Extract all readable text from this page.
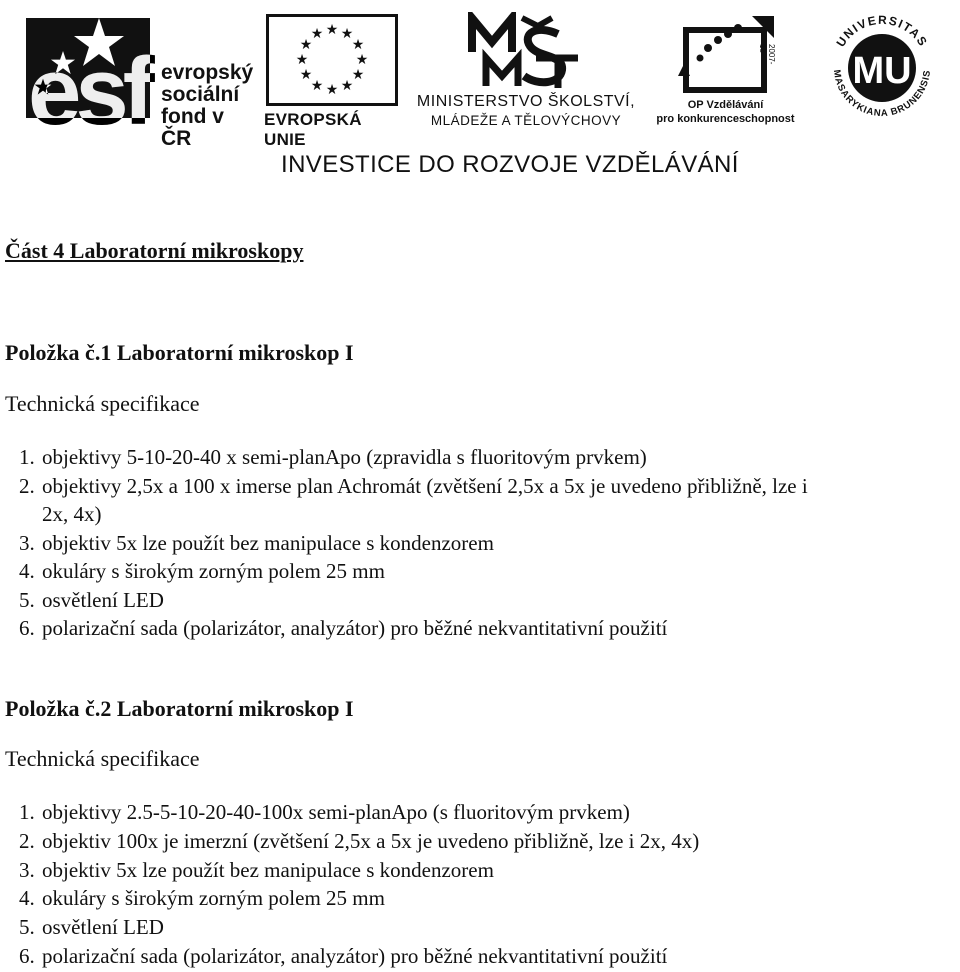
esf evropský
sociální
fond v ČR
★ ★
★
★
★
★
★
★
★
★
★
★
EVROPSKÁ UNIE
MINISTERSTVO ŠKOLSTVÍ,
MLÁDEŽE A TĚLOVÝCHOVY
2007-13
OP Vzdělávání
pro konkurenceschopnost
UNIVERSITAS
MASARYKIANA BRUNENSIS
MU
INVESTICE DO ROZVOJE VZDĚLÁVÁNÍ
Část 4 Laboratorní mikroskopy
Položka č.1 Laboratorní mikroskop I
Technická specifikace
1. objektivy 5-10-20-40 x semi-planApo (zpravidla s fluoritovým prvkem)
2. objektivy 2,5x a 100 x imerse plan Achromát (zvětšení 2,5x a 5x je uvedeno přibližně, lze i 2x, 4x)
3. objektiv 5x lze použít bez manipulace s kondenzorem
4. okuláry s širokým zorným polem 25 mm
5. osvětlení LED
6. polarizační sada (polarizátor, analyzátor) pro běžné nekvantitativní použití
Položka č.2 Laboratorní mikroskop I
Technická specifikace
1. objektivy 2.5-5-10-20-40-100x semi-planApo (s fluoritovým prvkem)
2. objektiv 100x je imerzní (zvětšení 2,5x a 5x je uvedeno přibližně, lze i 2x, 4x)
3. objektiv 5x lze použít bez manipulace s kondenzorem
4. okuláry s širokým zorným polem 25 mm
5. osvětlení LED
6. polarizační sada (polarizátor, analyzátor) pro běžné nekvantitativní použití
